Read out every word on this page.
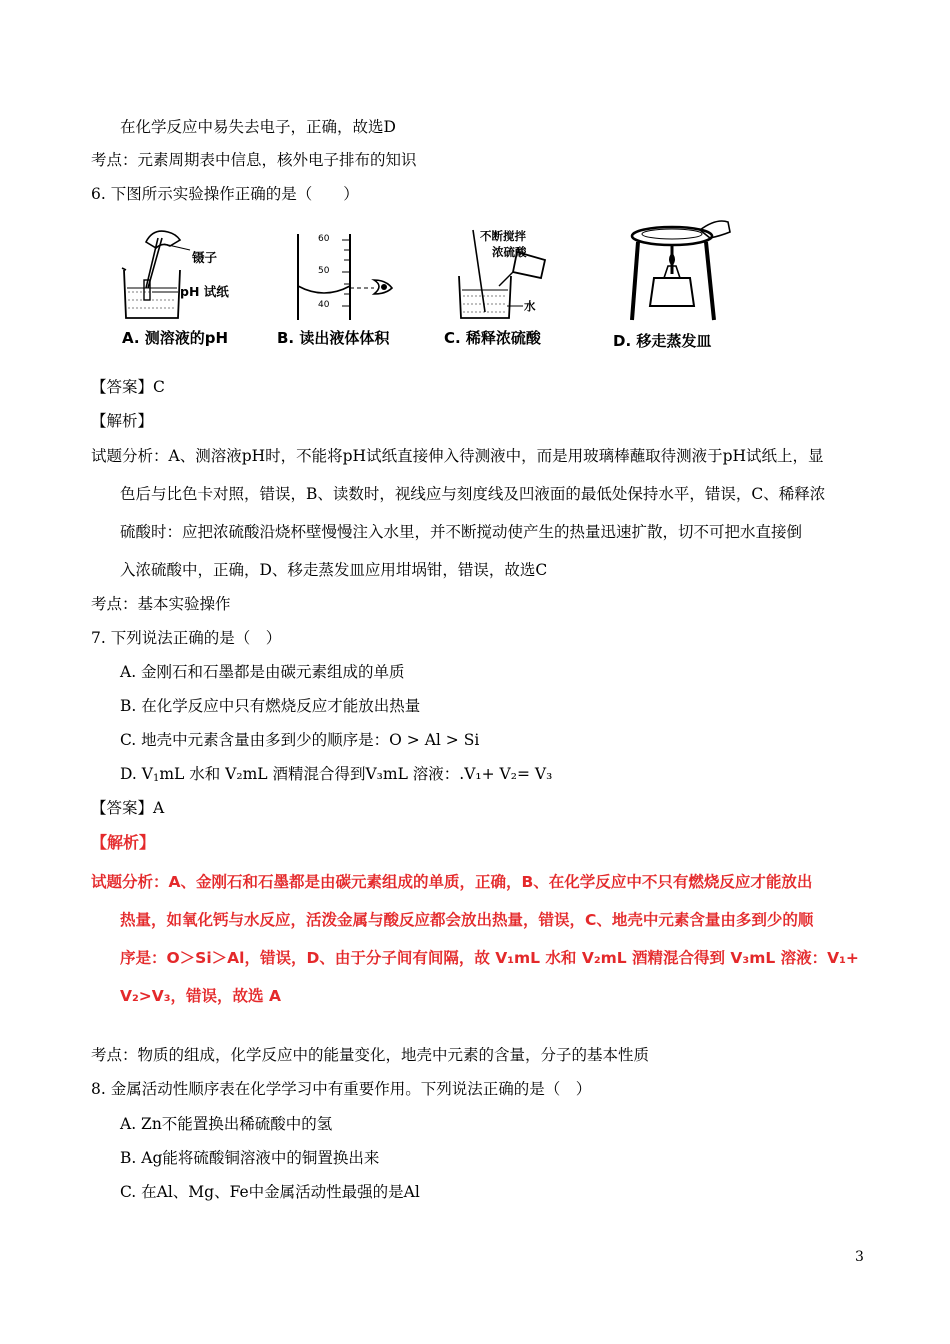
在化学反应中易失去电子，正确，故选D
考点：元素周期表中信息，核外电子排布的知识
6. 下图所示实验操作正确的是（　　）
镊子
pH 试纸
A. 测溶液的pH
60
50
40
B. 读出液体体积
不断搅拌
浓硫酸
水
C. 稀释浓硫酸	D. 移走蒸发皿
【答案】C
【解析】
试题分析：A、测溶液pH时，不能将pH试纸直接伸入待测液中，而是用玻璃棒蘸取待测液于pH试纸上，显
色后与比色卡对照，错误，B、读数时，视线应与刻度线及凹液面的最低处保持水平，错误，C、稀释浓
硫酸时：应把浓硫酸沿烧杯壁慢慢注入水里，并不断搅动使产生的热量迅速扩散，切不可把水直接倒
入浓硫酸中，正确，D、移走蒸发皿应用坩埚钳，错误，故选C
考点：基本实验操作
7. 下列说法正确的是（　）
A. 金刚石和石墨都是由碳元素组成的单质
B. 在化学反应中只有燃烧反应才能放出热量
C. 地壳中元素含量由多到少的顺序是：O > Al > Si
D. $V_1mL$ 水和 V₂mL 酒精混合得到V₃mL 溶液：.V₁+ V₂= V₃
【答案】A
【解析】
试题分析：A、金刚石和石墨都是由碳元素组成的单质，正确，B、在化学反应中不只有燃烧反应才能放出
热量，如氧化钙与水反应，活泼金属与酸反应都会放出热量，错误，C、地壳中元素含量由多到少的顺
序是：O＞Si＞Al，错误，D、由于分子间有间隔，故 V₁mL 水和 V₂mL 酒精混合得到 V₃mL 溶液：V₁+
V₂>V₃，错误，故选 A
考点：物质的组成，化学反应中的能量变化，地壳中元素的含量，分子的基本性质
8. 金属活动性顺序表在化学学习中有重要作用。下列说法正确的是（　）
A. Zn不能置换出稀硫酸中的氢
B. Ag能将硫酸铜溶液中的铜置换出来
C. 在Al、Mg、Fe中金属活动性最强的是Al
3
